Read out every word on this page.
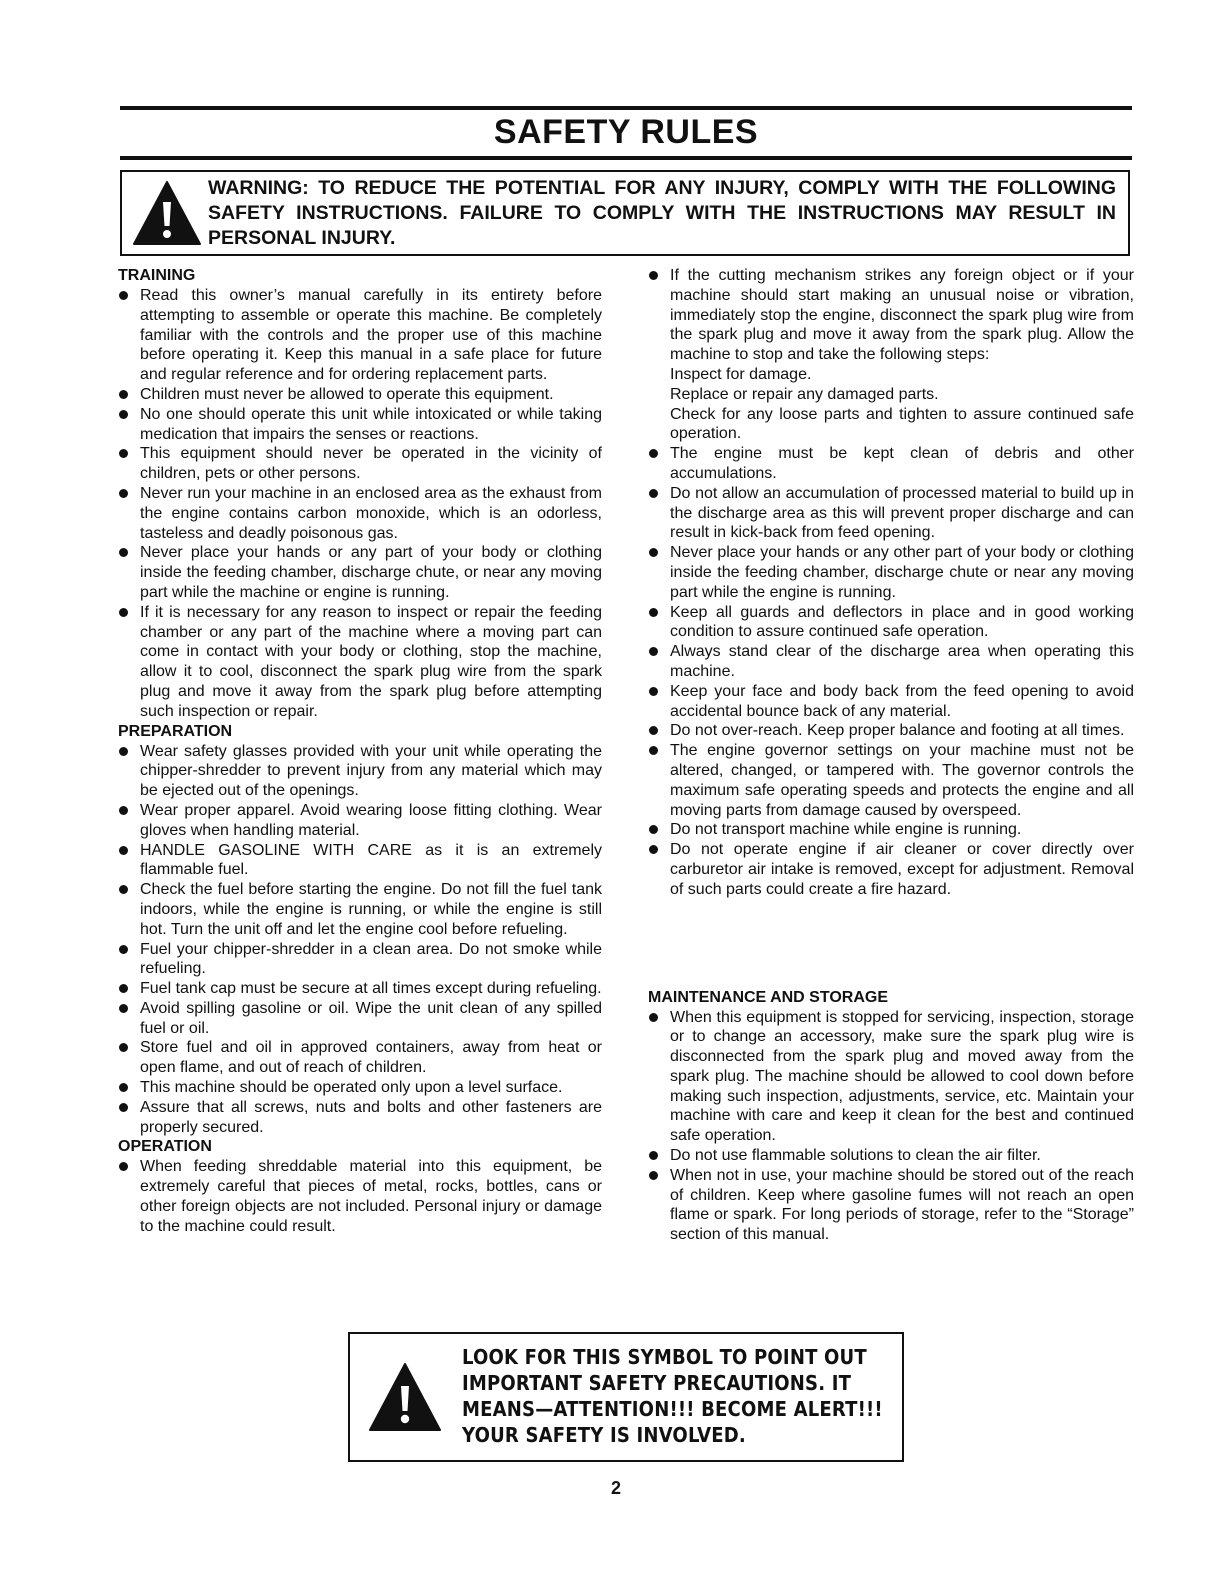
SAFETY RULES
WARNING: TO REDUCE THE POTENTIAL FOR ANY INJURY, COMPLY WITH THE FOLLOWING
SAFETY INSTRUCTIONS. FAILURE TO COMPLY WITH THE INSTRUCTIONS MAY RESULT IN
PERSONAL INJURY.
TRAINING
Read this owner’s manual carefully in its entirety before attempting to assemble or operate this machine. Be completely familiar with the controls and the proper use of this machine before operating it. Keep this manual in a safe place for future and regular reference and for ordering replacement parts.
Children must never be allowed to operate this equipment.
No one should operate this unit while intoxicated or while taking medication that impairs the senses or reactions.
This equipment should never be operated in the vicinity of children, pets or other persons.
Never run your machine in an enclosed area as the exhaust from the engine contains carbon monoxide, which is an odorless, tasteless and deadly poisonous gas.
Never place your hands or any part of your body or clothing inside the feeding chamber, discharge chute, or near any moving part while the machine or engine is running.
If it is necessary for any reason to inspect or repair the feeding chamber or any part of the machine where a moving part can come in contact with your body or clothing, stop the machine, allow it to cool, disconnect the spark plug wire from the spark plug and move it away from the spark plug before attempting such inspection or repair.
PREPARATION
Wear safety glasses provided with your unit while operating the chipper-shredder to prevent injury from any material which may be ejected out of the openings.
Wear proper apparel. Avoid wearing loose fitting clothing. Wear gloves when handling material.
HANDLE GASOLINE WITH CARE as it is an extremely flammable fuel.
Check the fuel before starting the engine. Do not fill the fuel tank indoors, while the engine is running, or while the engine is still hot. Turn the unit off and let the engine cool before refueling.
Fuel your chipper-shredder in a clean area. Do not smoke while refueling.
Fuel tank cap must be secure at all times except during refueling.
Avoid spilling gasoline or oil. Wipe the unit clean of any spilled fuel or oil.
Store fuel and oil in approved containers, away from heat or open flame, and out of reach of children.
This machine should be operated only upon a level surface.
Assure that all screws, nuts and bolts and other fasteners are properly secured.
OPERATION
When feeding shreddable material into this equipment, be extremely careful that pieces of metal, rocks, bottles, cans or other foreign objects are not included. Personal injury or damage to the machine could result.
If the cutting mechanism strikes any foreign object or if your machine should start making an unusual noise or vibration, immediately stop the engine, disconnect the spark plug wire from the spark plug and move it away from the spark plug. Allow the machine to stop and take the following steps:
Inspect for damage.
Replace or repair any damaged parts.
Check for any loose parts and tighten to assure continued safe operation.
The engine must be kept clean of debris and other accumulations.
Do not allow an accumulation of processed material to build up in the discharge area as this will prevent proper discharge and can result in kick-back from feed opening.
Never place your hands or any other part of your body or clothing inside the feeding chamber, discharge chute or near any moving part while the engine is running.
Keep all guards and deflectors in place and in good working condition to assure continued safe operation.
Always stand clear of the discharge area when operating this machine.
Keep your face and body back from the feed opening to avoid accidental bounce back of any material.
Do not over-reach. Keep proper balance and footing at all times.
The engine governor settings on your machine must not be altered, changed, or tampered with. The governor controls the maximum safe operating speeds and protects the engine and all moving parts from damage caused by overspeed.
Do not transport machine while engine is running.
Do not operate engine if air cleaner or cover directly over carburetor air intake is removed, except for adjustment. Removal of such parts could create a fire hazard.
MAINTENANCE AND STORAGE
When this equipment is stopped for servicing, inspection, storage or to change an accessory, make sure the spark plug wire is disconnected from the spark plug and moved away from the spark plug. The machine should be allowed to cool down before making such inspection, adjustments, service, etc. Maintain your machine with care and keep it clean for the best and continued safe operation.
Do not use flammable solutions to clean the air filter.
When not in use, your machine should be stored out of the reach of children. Keep where gasoline fumes will not reach an open flame or spark. For long periods of storage, refer to the “Storage” section of this manual.
LOOK FOR THIS SYMBOL TO POINT OUT
IMPORTANT SAFETY PRECAUTIONS. IT
MEANS—ATTENTION!!! BECOME ALERT!!!
YOUR SAFETY IS INVOLVED.
2
